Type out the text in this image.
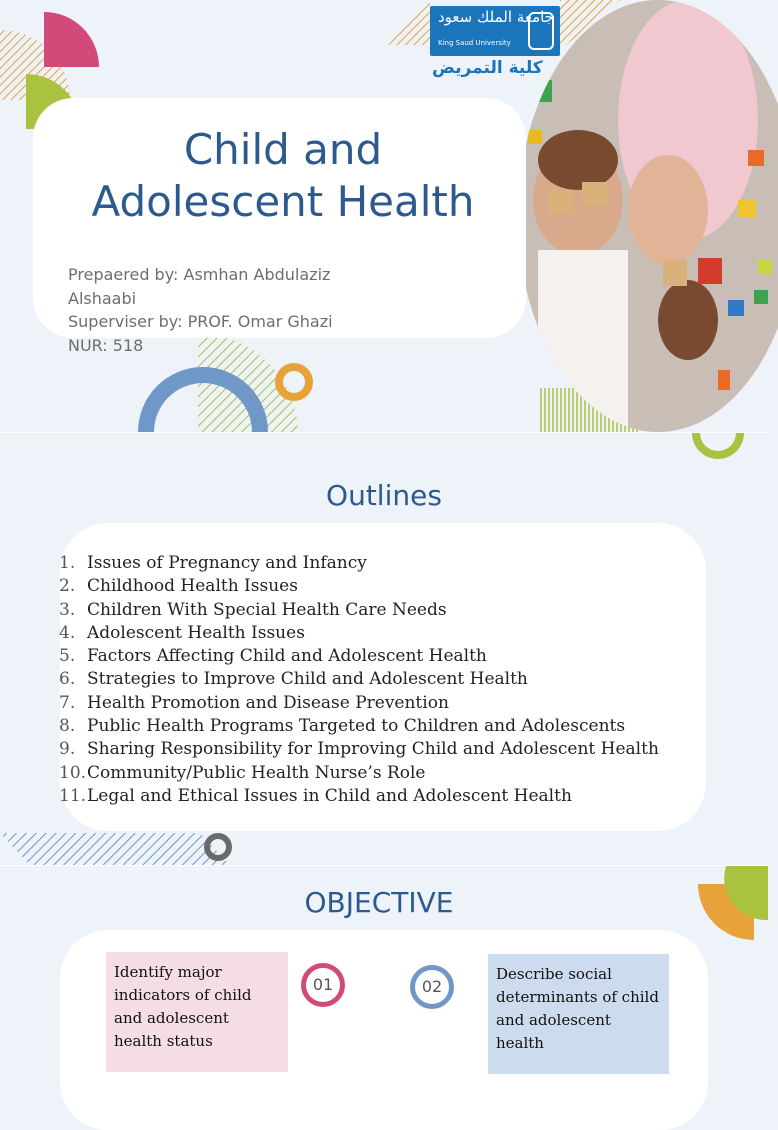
جامعة الملك سعود
King Saud University
كلية التمريض
Child and
Adolescent Health
Prepaered by: Asmhan Abdulaziz
Alshaabi
Superviser by: PROF. Omar Ghazi
NUR: 518
Outlines
1. Issues of Pregnancy and Infancy
2. Childhood Health Issues
3. Children With Special Health Care Needs
4. Adolescent Health Issues
5. Factors Affecting Child and Adolescent Health
6. Strategies to Improve Child and Adolescent Health
7. Health Promotion and Disease Prevention
8. Public Health Programs Targeted to Children and Adolescents
9. Sharing Responsibility for Improving Child and Adolescent Health
10. Community/Public Health Nurse’s Role
11. Legal and Ethical Issues in Child and Adolescent Health
OBJECTIVE
Identify major indicators of child and adolescent health status
01	02
Describe social determinants of child and adolescent health
